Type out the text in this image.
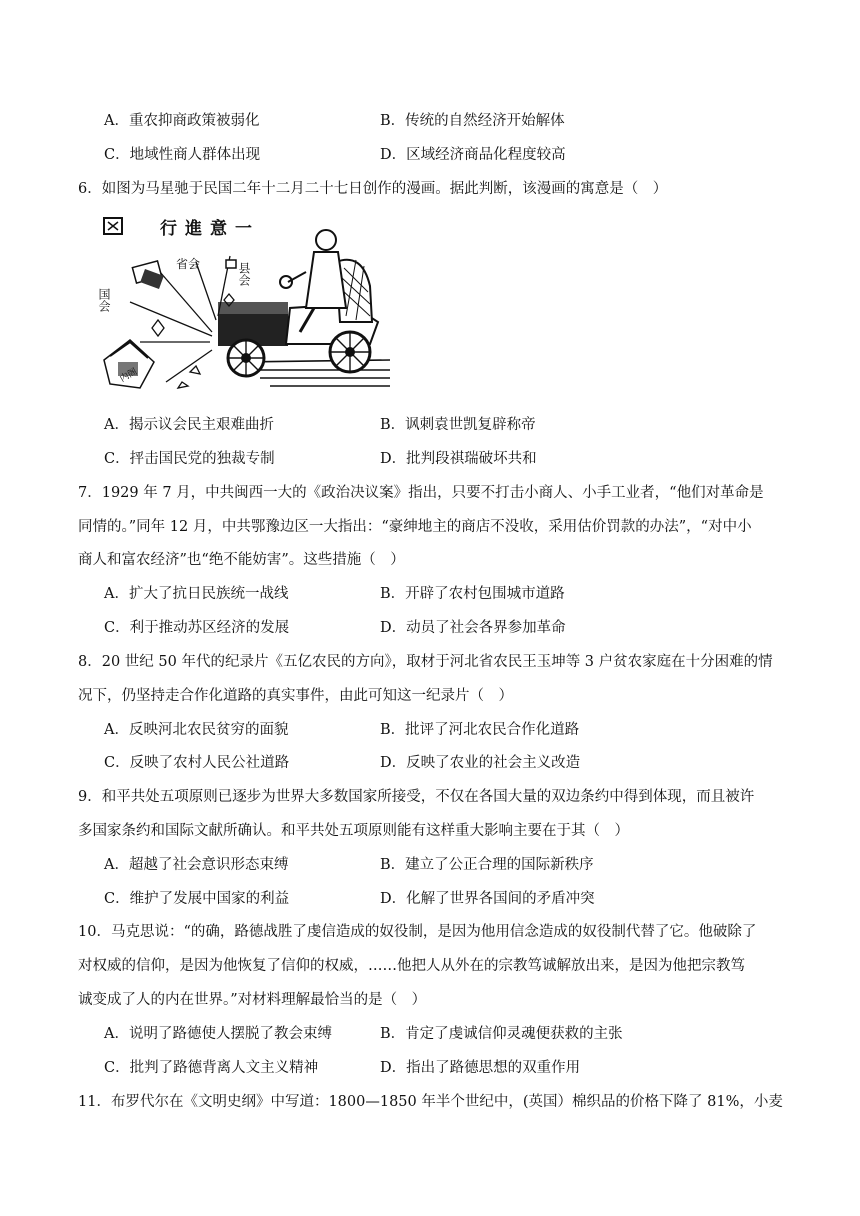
A．重农抑商政策被弱化	B．传统的自然经济开始解体
C．地域性商人群体出现	D．区域经济商品化程度较高
6．如图为马星驰于民国二年十二月二十七日创作的漫画。据此判断，该漫画的寓意是（　）
行進意一
国会
省会	县会
内阁
A．揭示议会民主艰难曲折	B．讽刺袁世凯复辟称帝
C．抨击国民党的独裁专制	D．批判段祺瑞破坏共和
7．1929 年 7 月，中共闽西一大的《政治决议案》指出，只要不打击小商人、小手工业者，“他们对革命是
同情的。”同年 12 月，中共鄂豫边区一大指出：“豪绅地主的商店不没收，采用估价罚款的办法”，“对中小
商人和富农经济”也“绝不能妨害”。这些措施（　）
A．扩大了抗日民族统一战线	B．开辟了农村包围城市道路
C．利于推动苏区经济的发展	D．动员了社会各界参加革命
8．20 世纪 50 年代的纪录片《五亿农民的方向》，取材于河北省农民王玉坤等 3 户贫农家庭在十分困难的情
况下，仍坚持走合作化道路的真实事件，由此可知这一纪录片（　）
A．反映河北农民贫穷的面貌	B．批评了河北农民合作化道路
C．反映了农村人民公社道路	D．反映了农业的社会主义改造
9．和平共处五项原则已逐步为世界大多数国家所接受，不仅在各国大量的双边条约中得到体现，而且被许
多国家条约和国际文献所确认。和平共处五项原则能有这样重大影响主要在于其（　）
A．超越了社会意识形态束缚	B．建立了公正合理的国际新秩序
C．维护了发展中国家的利益	D．化解了世界各国间的矛盾冲突
10．马克思说：“的确，路德战胜了虔信造成的奴役制，是因为他用信念造成的奴役制代替了它。他破除了
对权威的信仰，是因为他恢复了信仰的权威，……他把人从外在的宗教笃诚解放出来，是因为他把宗教笃
诚变成了人的内在世界。”对材料理解最恰当的是（　）
A．说明了路德使人摆脱了教会束缚	B．肯定了虔诚信仰灵魂便获救的主张
C．批判了路德背离人文主义精神	D．指出了路德思想的双重作用
11．布罗代尔在《文明史纲》中写道：1800—1850 年半个世纪中，(英国）棉织品的价格下降了 81%，小麦
